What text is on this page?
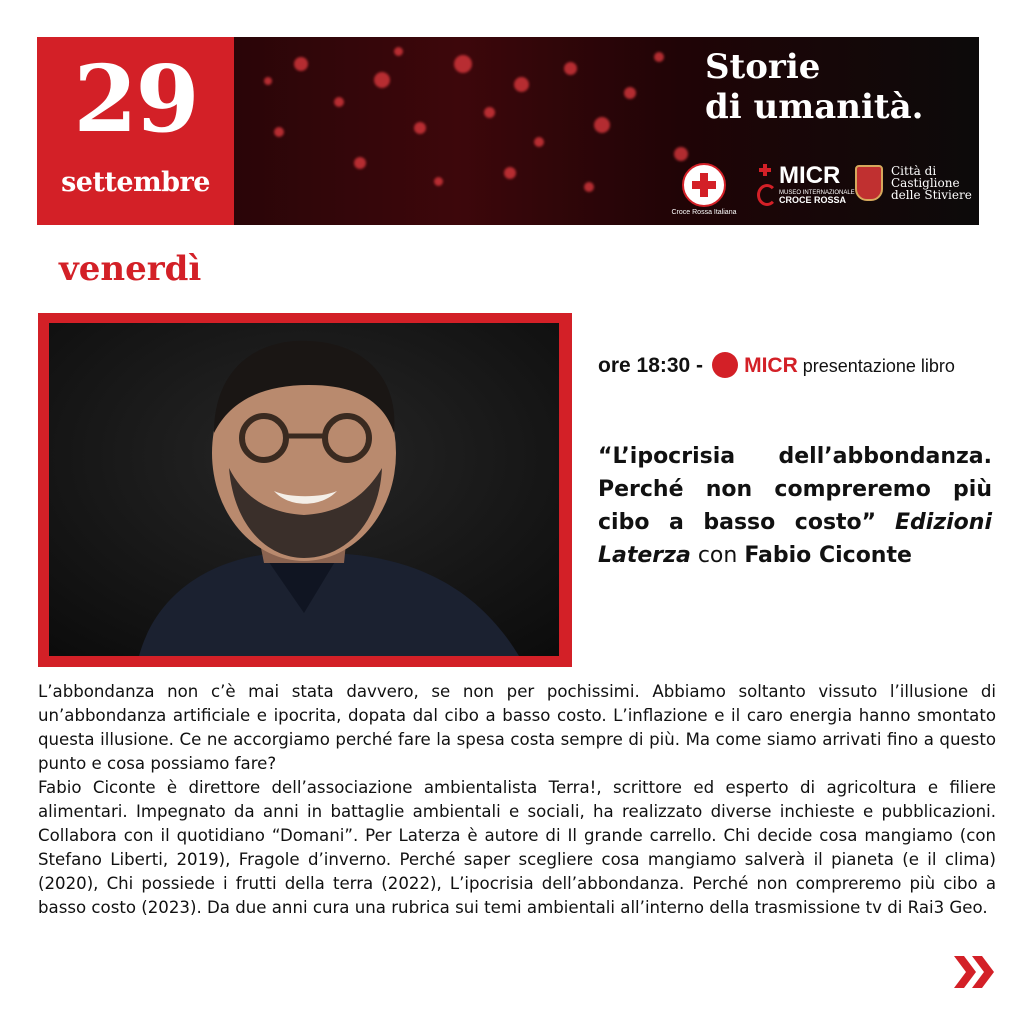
29
settembre
Storie
di umanità.
Croce Rossa Italiana
MICR
MUSEO INTERNAZIONALE
CROCE ROSSA
Città di
Castiglione
delle Stiviere
venerdì
ore 18:30 - MICR presentazione libro
“L’ipocrisia dell’abbondanza. Perché non compreremo più cibo a basso costo” Edizioni Laterza con Fabio Ciconte

L’abbondanza non c’è mai stata davvero, se non per pochissimi. Abbiamo soltanto vissuto l’illusione di un’abbondanza artificiale e ipocrita, dopata dal cibo a basso costo. L’inflazione e il caro energia hanno smontato questa illusione. Ce ne accorgiamo perché fare la spesa costa sempre di più. Ma come siamo arrivati fino a questo punto e cosa possiamo fare?

Fabio Ciconte è direttore dell’associazione ambientalista Terra!, scrittore ed esperto di agricoltura e filiere alimentari. Impegnato da anni in battaglie ambientali e sociali, ha realizzato diverse inchieste e pubblicazioni. Collabora con il quotidiano “Domani”. Per Laterza è autore di Il grande carrello. Chi decide cosa mangiamo (con Stefano Liberti, 2019), Fragole d’inverno. Perché saper scegliere cosa mangiamo salverà il pianeta (e il clima) (2020), Chi possiede i frutti della terra (2022), L’ipocrisia dell’abbondanza. Perché non compreremo più cibo a basso costo (2023). Da due anni cura una rubrica sui temi ambientali all’interno della trasmissione tv di Rai3 Geo.
